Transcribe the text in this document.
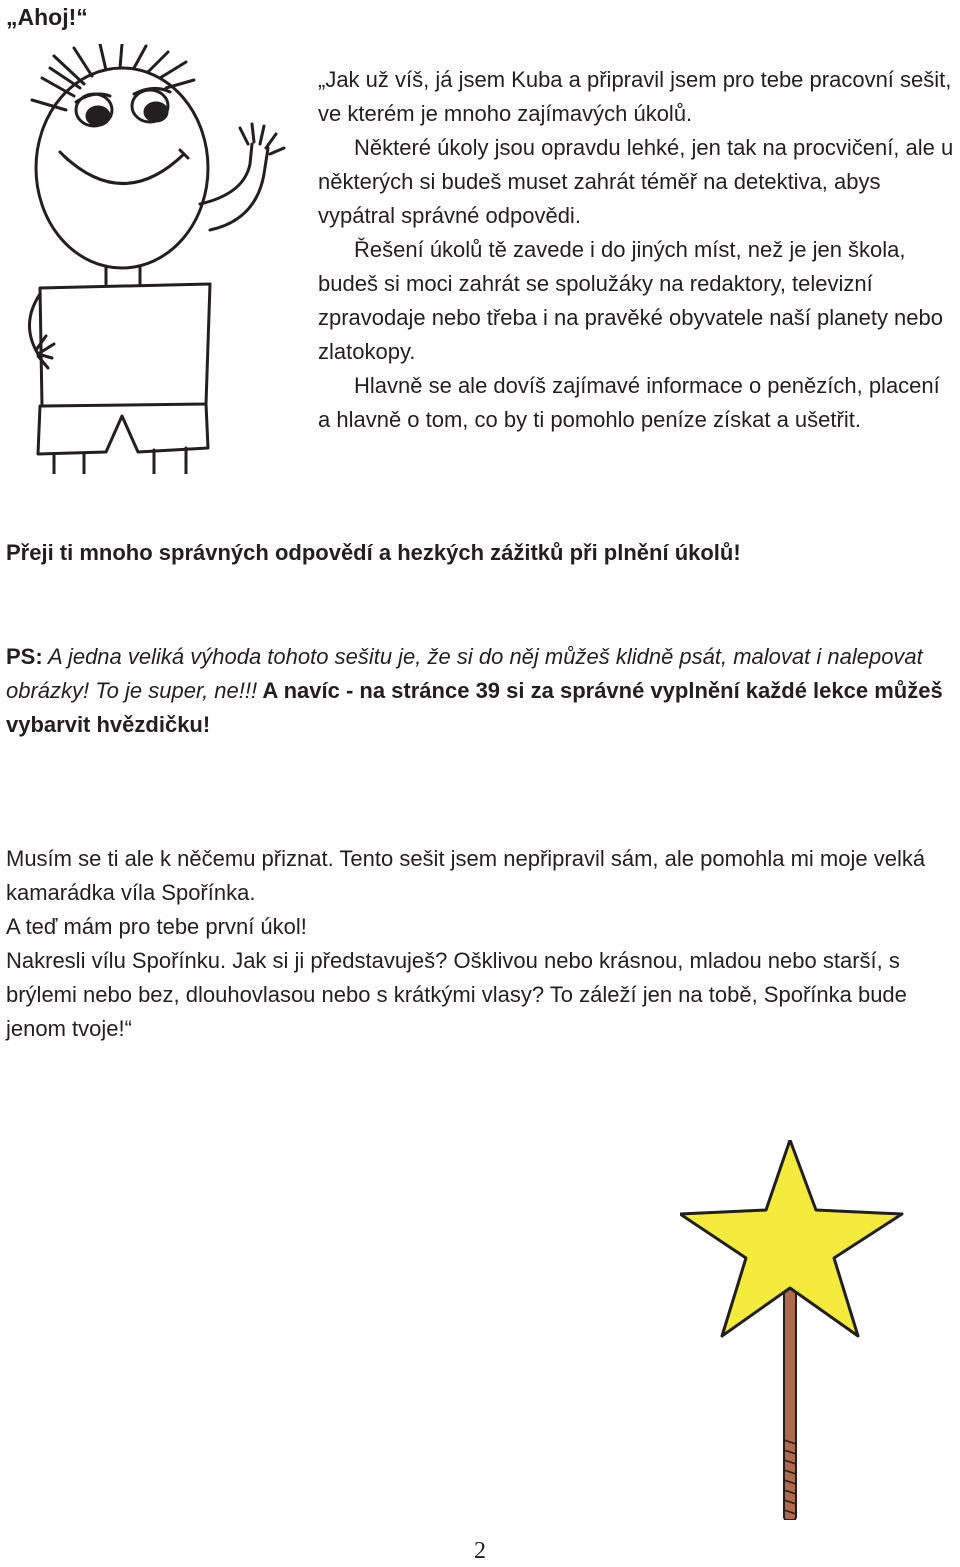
„Ahoj!“

„Jak už víš, já jsem Kuba a připravil jsem pro tebe pracovní sešit, ve kterém je mnoho zajímavých úkolů.

Některé úkoly jsou opravdu lehké, jen tak na procvičení, ale u některých si budeš muset zahrát téměř na detektiva, abys vypátral správné odpovědi.

Řešení úkolů tě zavede i do jiných míst, než je jen škola, budeš si moci zahrát se spolužáky na redaktory, televizní zpravodaje nebo třeba i na pravěké obyvatele naší planety nebo zlatokopy.

Hlavně se ale dovíš zajímavé informace o penězích, placení a hlavně o tom, co by ti pomohlo peníze získat a ušetřit.

Přeji ti mnoho správných odpovědí a hezkých zážitků při plnění úkolů!

PS: A jedna veliká výhoda tohoto sešitu je, že si do něj můžeš klidně psát, malovat i nalepovat obrázky! To je super, ne!!! A navíc - na stránce 39 si za správné vyplnění každé lekce můžeš vybarvit hvězdičku!

Musím se ti ale k něčemu přiznat. Tento sešit jsem nepřipravil sám, ale pomohla mi moje velká kamarádka víla Spořínka.

A teď mám pro tebe první úkol!

Nakresli vílu Spořínku. Jak si ji představuješ? Ošklivou nebo krásnou, mladou nebo starší, s brýlemi nebo bez, dlouhovlasou nebo s krátkými vlasy? To záleží jen na tobě, Spořínka bude jenom tvoje!“

2
